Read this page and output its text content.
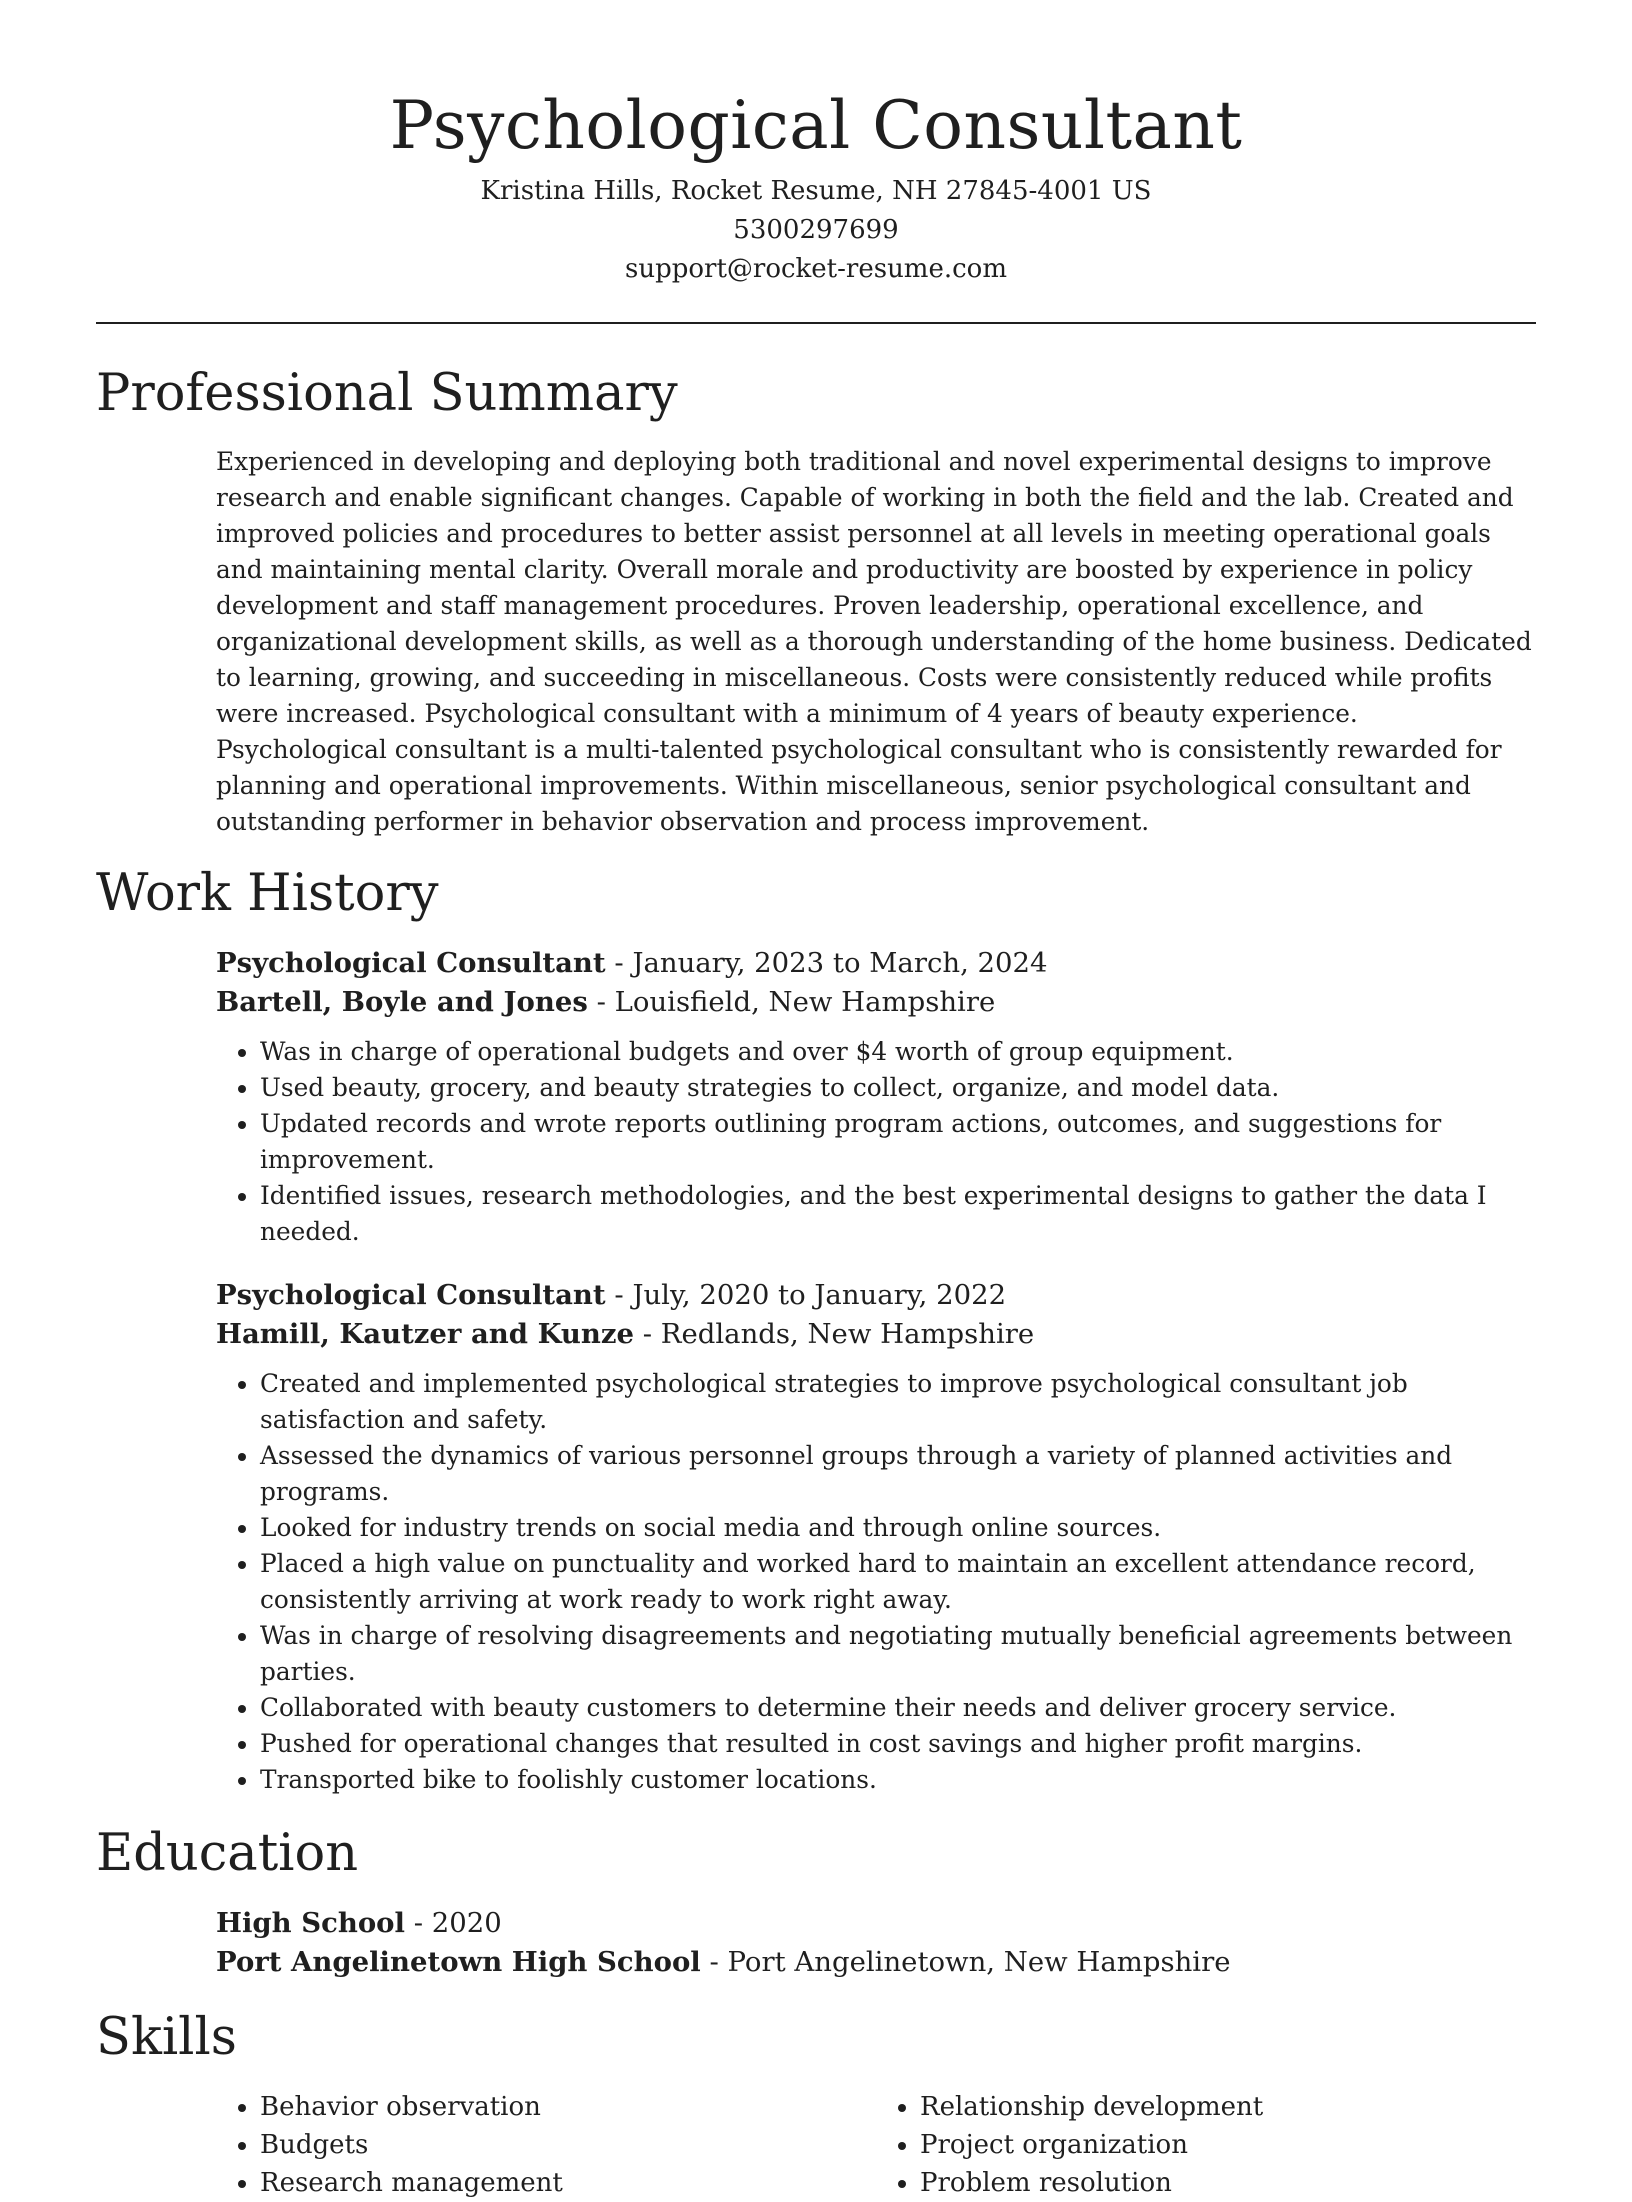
Psychological Consultant
Kristina Hills, Rocket Resume, NH 27845-4001 US
5300297699
support@rocket-resume.com
Professional Summary

Experienced in developing and deploying both traditional and novel experimental designs to improve research and enable significant changes. Capable of working in both the field and the lab. Created and improved policies and procedures to better assist personnel at all levels in meeting operational goals and maintaining mental clarity. Overall morale and productivity are boosted by experience in policy development and staff management procedures. Proven leadership, operational excellence, and organizational development skills, as well as a thorough understanding of the home business. Dedicated to learning, growing, and succeeding in miscellaneous. Costs were consistently reduced while profits were increased. Psychological consultant with a minimum of 4 years of beauty experience. Psychological consultant is a multi-talented psychological consultant who is consistently rewarded for planning and operational improvements. Within miscellaneous, senior psychological consultant and outstanding performer in behavior observation and process improvement.

Work History
Psychological Consultant - January, 2023 to March, 2024
Bartell, Boyle and Jones - Louisfield, New Hampshire
• Was in charge of operational budgets and over $4 worth of group equipment.
• Used beauty, grocery, and beauty strategies to collect, organize, and model data.
• Updated records and wrote reports outlining program actions, outcomes, and suggestions for improvement.
• Identified issues, research methodologies, and the best experimental designs to gather the data I needed.
Psychological Consultant - July, 2020 to January, 2022
Hamill, Kautzer and Kunze - Redlands, New Hampshire
• Created and implemented psychological strategies to improve psychological consultant job satisfaction and safety.
• Assessed the dynamics of various personnel groups through a variety of planned activities and programs.
• Looked for industry trends on social media and through online sources.
• Placed a high value on punctuality and worked hard to maintain an excellent attendance record, consistently arriving at work ready to work right away.
• Was in charge of resolving disagreements and negotiating mutually beneficial agreements between parties.
• Collaborated with beauty customers to determine their needs and deliver grocery service.
• Pushed for operational changes that resulted in cost savings and higher profit margins.
• Transported bike to foolishly customer locations.
Education
High School - 2020
Port Angelinetown High School - Port Angelinetown, New Hampshire
Skills
• Behavior observation
• Budgets
• Research management
• Relationship development
• Project organization
• Problem resolution
